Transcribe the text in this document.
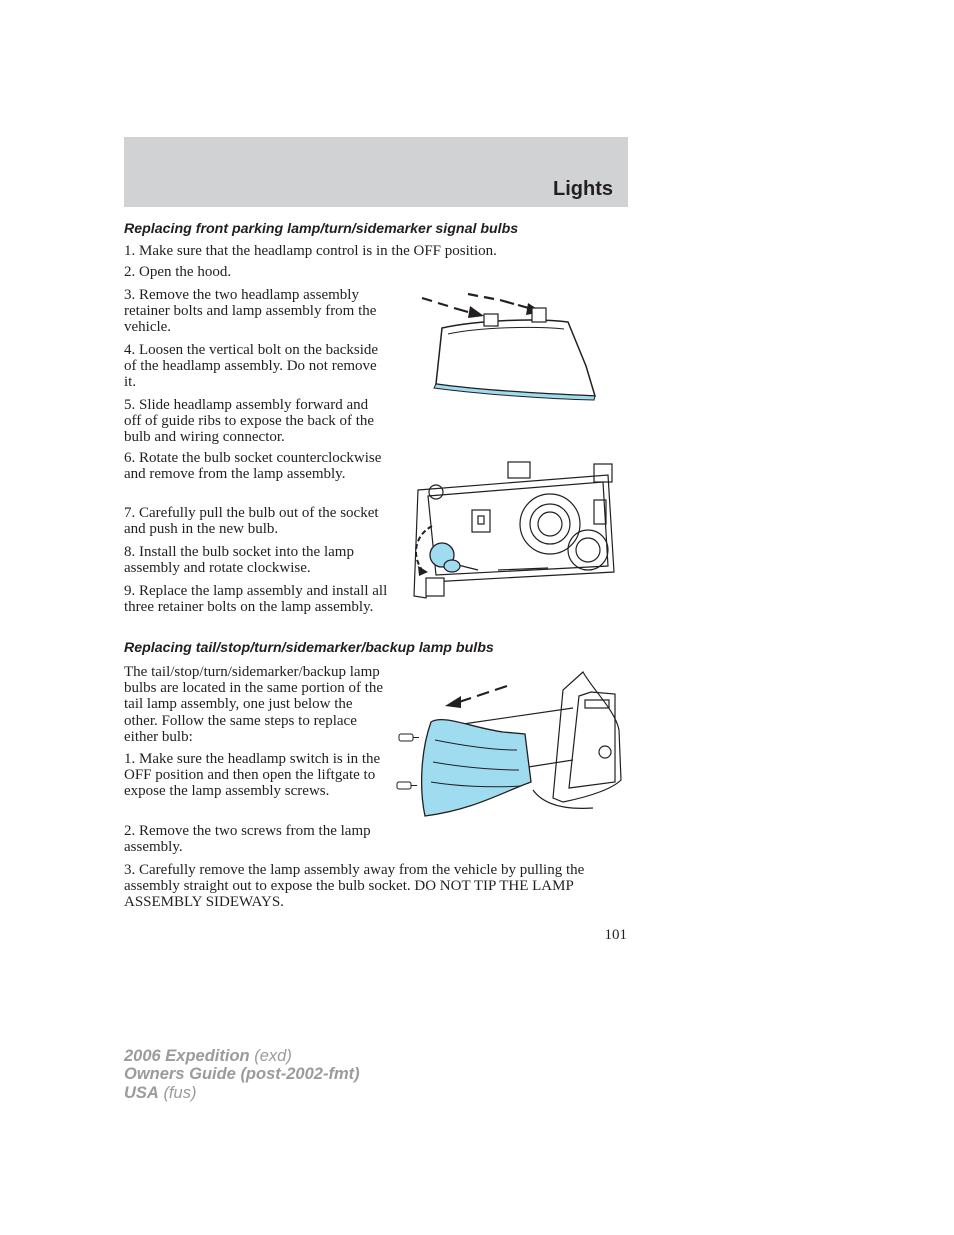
Lights
Replacing front parking lamp/turn/sidemarker signal bulbs

1. Make sure that the headlamp control is in the OFF position.

2. Open the hood.

3. Remove the two headlamp assembly retainer bolts and lamp assembly from the vehicle.

4. Loosen the vertical bolt on the backside of the headlamp assembly. Do not remove it.

5. Slide headlamp assembly forward and off of guide ribs to expose the back of the bulb and wiring connector.

6. Rotate the bulb socket counterclockwise and remove from the lamp assembly.

7. Carefully pull the bulb out of the socket and push in the new bulb.

8. Install the bulb socket into the lamp assembly and rotate clockwise.

9. Replace the lamp assembly and install all three retainer bolts on the lamp assembly.

Replacing tail/stop/turn/sidemarker/backup lamp bulbs

The tail/stop/turn/sidemarker/backup lamp bulbs are located in the same portion of the tail lamp assembly, one just below the other. Follow the same steps to replace either bulb:

1. Make sure the headlamp switch is in the OFF position and then open the liftgate to expose the lamp assembly screws.

2. Remove the two screws from the lamp assembly.

3. Carefully remove the lamp assembly away from the vehicle by pulling the assembly straight out to expose the bulb socket. DO NOT TIP THE LAMP ASSEMBLY SIDEWAYS.

101
2006 Expedition (exd)
Owners Guide (post-2002-fmt)
USA (fus)
